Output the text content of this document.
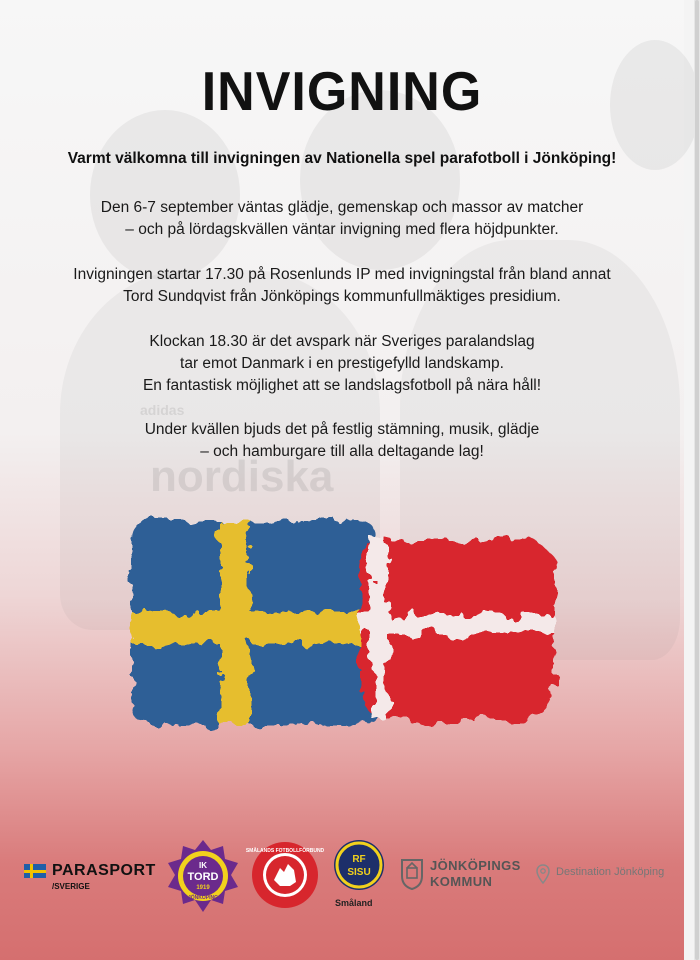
nordiska
adidas
INVIGNING
Varmt välkomna till invigningen av Nationella spel parafotboll i Jönköping!
Den 6-7 september väntas glädje, gemenskap och massor av matcher
– och på lördagskvällen väntar invigning med flera höjdpunkter.
Invigningen startar 17.30 på Rosenlunds IP med invigningstal från bland annat
Tord Sundqvist från Jönköpings kommunfullmäktiges presidium.
Klockan 18.30 är det avspark när Sveriges paralandslag
tar emot Danmark i en prestigefylld landskamp.
En fantastisk möjlighet att se landslagsfotboll på nära håll!
Under kvällen bjuds det på festlig stämning, musik, glädje
– och hamburgare till alla deltagande lag!
PARASPORT
/SVERIGE
IK
TORD
1919
JÖNKÖPING
SMÅLANDS FOTBOLLFÖRBUND
RF
SISU
Småland
JÖNKÖPINGS
KOMMUN
Destination Jönköping
